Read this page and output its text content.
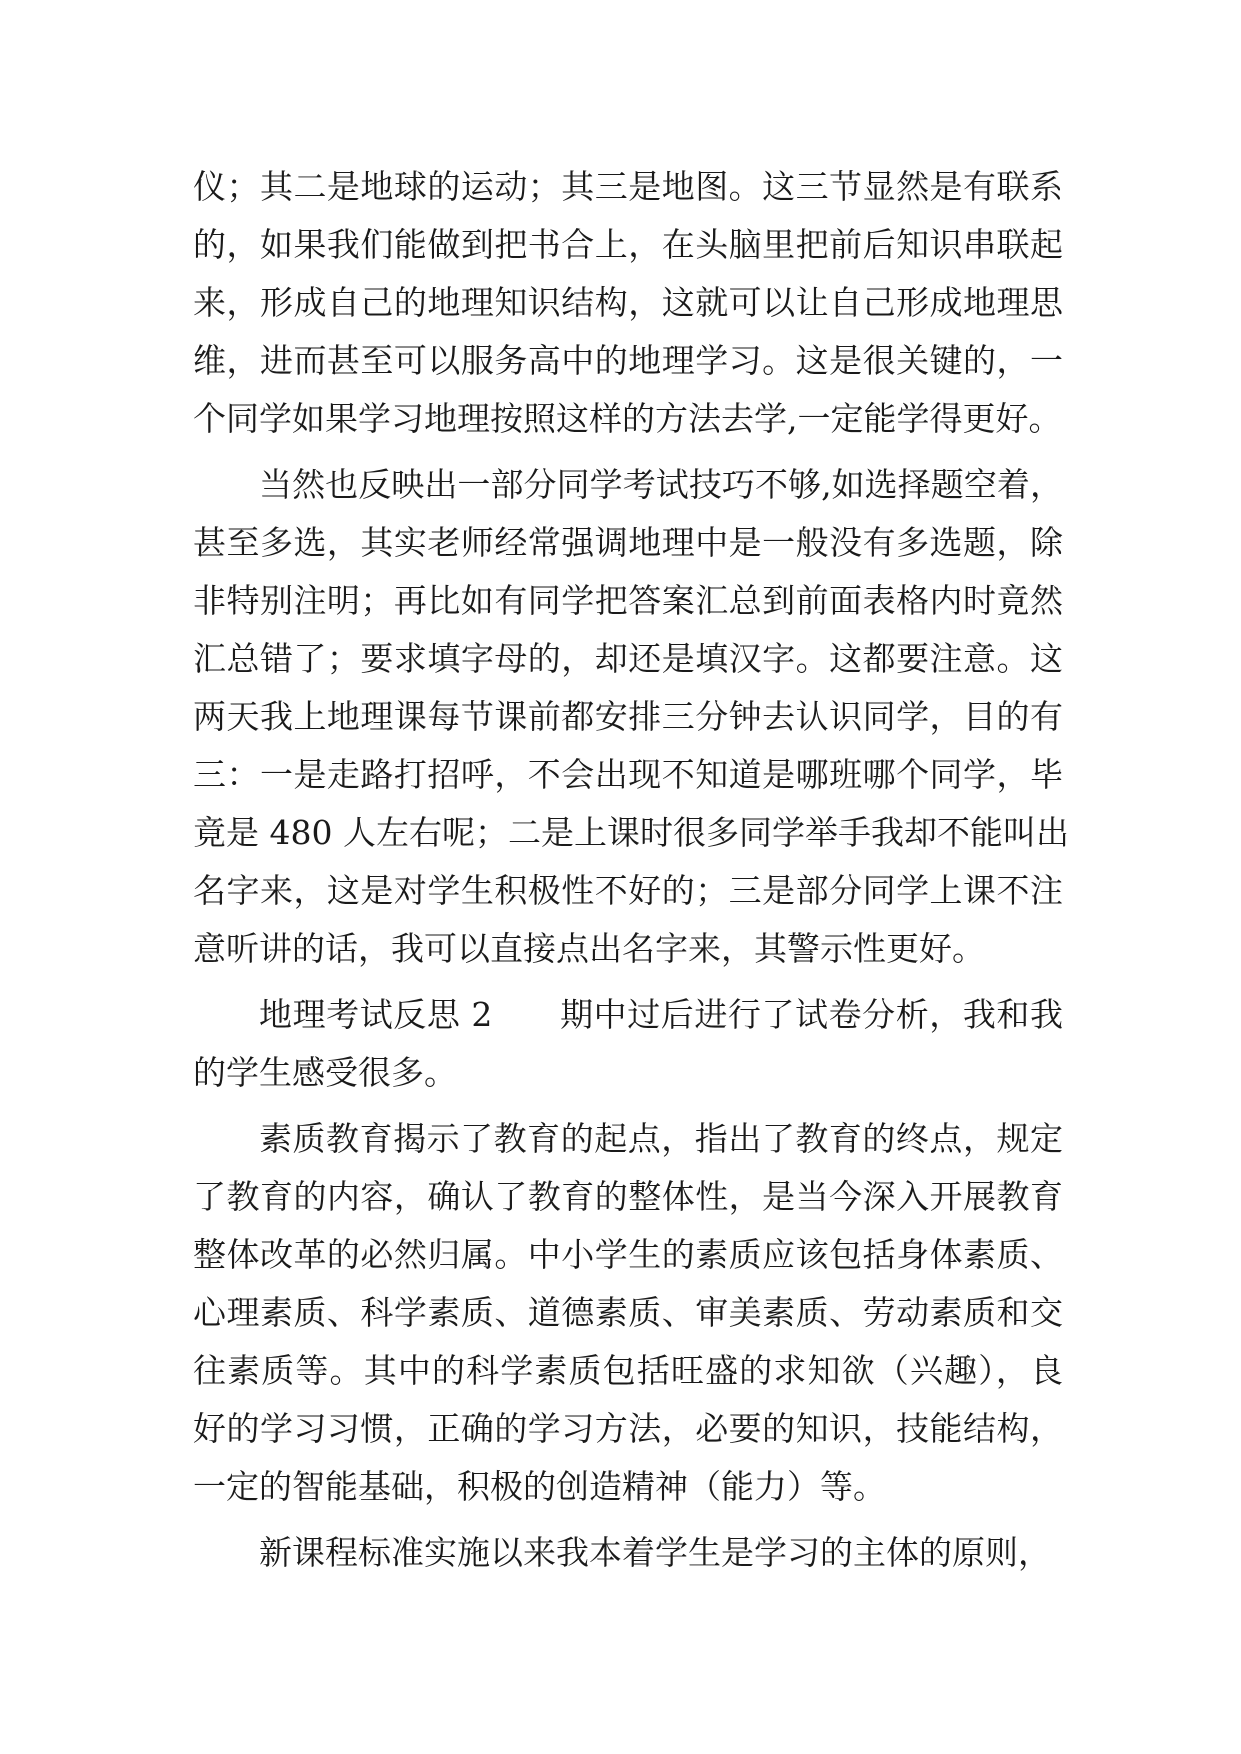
仪；其二是地球的运动；其三是地图。这三节显然是有联系
的，如果我们能做到把书合上，在头脑里把前后知识串联起
来，形成自己的地理知识结构，这就可以让自己形成地理思
维，进而甚至可以服务高中的地理学习。这是很关键的，一
个同学如果学习地理按照这样的方法去学,一定能学得更好。
当然也反映出一部分同学考试技巧不够,如选择题空着，
甚至多选，其实老师经常强调地理中是一般没有多选题，除
非特别注明；再比如有同学把答案汇总到前面表格内时竟然
汇总错了；要求填字母的，却还是填汉字。这都要注意。这
两天我上地理课每节课前都安排三分钟去认识同学，目的有
三：一是走路打招呼，不会出现不知道是哪班哪个同学，毕
竟是 480 人左右呢；二是上课时很多同学举手我却不能叫出
名字来，这是对学生积极性不好的；三是部分同学上课不注
意听讲的话，我可以直接点出名字来，其警示性更好。
地理考试反思 2　　期中过后进行了试卷分析，我和我
的学生感受很多。
素质教育揭示了教育的起点，指出了教育的终点，规定
了教育的内容，确认了教育的整体性，是当今深入开展教育
整体改革的必然归属。中小学生的素质应该包括身体素质、
心理素质、科学素质、道德素质、审美素质、劳动素质和交
往素质等。其中的科学素质包括旺盛的求知欲（兴趣），良
好的学习习惯，正确的学习方法，必要的知识，技能结构，
一定的智能基础，积极的创造精神（能力）等。
新课程标准实施以来我本着学生是学习的主体的原则，
